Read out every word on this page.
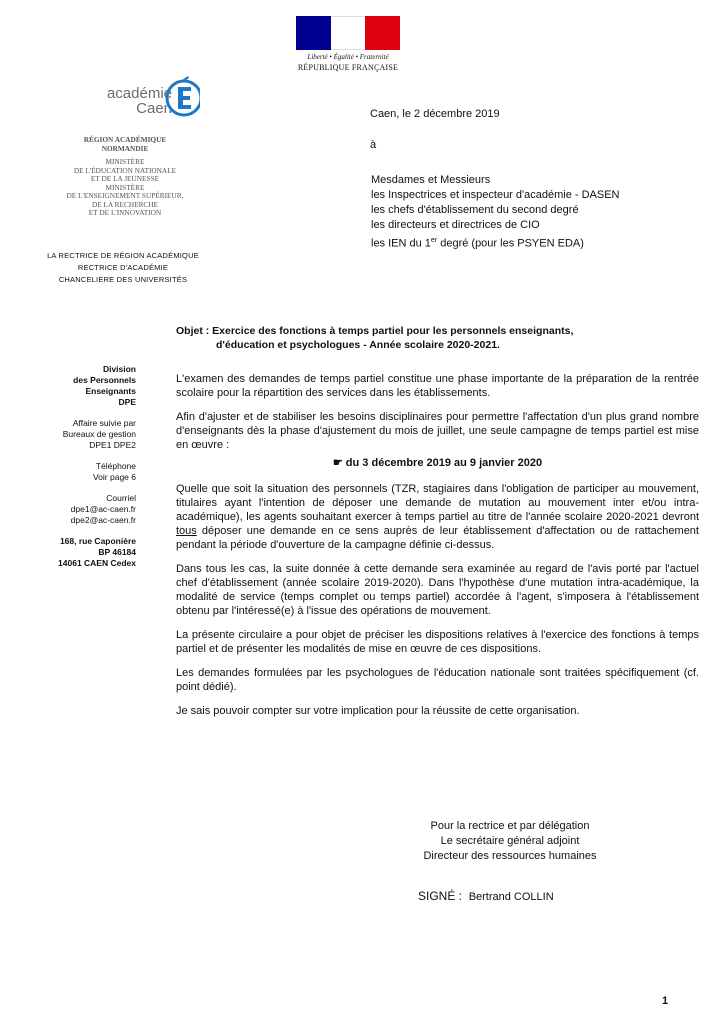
Liberté • Égalité • Fraternité
RÉPUBLIQUE FRANÇAISE
académie
Caen
RÉGION ACADÉMIQUE
NORMANDIE
MINISTÈRE
DE L'ÉDUCATION NATIONALE
ET DE LA JEUNESSE
MINISTÈRE
DE L'ENSEIGNEMENT SUPÉRIEUR,
DE LA RECHERCHE
ET DE L'INNOVATION
LA RECTRICE DE RÉGION ACADÉMIQUE
RECTRICE D'ACADÉMIE
CHANCELIERE DES UNIVERSITÉS
Caen, le 2 décembre 2019
à
Mesdames et Messieurs
les Inspectrices et inspecteur d'académie - DASEN
les chefs d'établissement du second degré
les directeurs et directrices de CIO
les IEN du 1er degré (pour les PSYEN EDA)
Objet : Exercice des fonctions à temps partiel pour les personnels enseignants,
d'éducation et psychologues - Année scolaire 2020-2021.
Division
des Personnels
Enseignants
DPE
Affaire suivie par
Bureaux de gestion
DPE1 DPE2
Téléphone
Voir page 6
Courriel
dpe1@ac-caen.fr
dpe2@ac-caen.fr
168, rue Caponière
BP 46184
14061 CAEN Cedex

L'examen des demandes de temps partiel constitue une phase importante de la préparation de la rentrée scolaire pour la répartition des services dans les établissements.

Afin d'ajuster et de stabiliser les besoins disciplinaires pour permettre l'affectation d'un plus grand nombre d'enseignants dès la phase d'ajustement du mois de juillet, une seule campagne de temps partiel est mise en œuvre :

☛ du 3 décembre 2019 au 9 janvier 2020

Quelle que soit la situation des personnels (TZR, stagiaires dans l'obligation de participer au mouvement, titulaires ayant l'intention de déposer une demande de mutation au mouvement inter et/ou intra-académique), les agents souhaitant exercer à temps partiel au titre de l'année scolaire 2020-2021 devront tous déposer une demande en ce sens auprès de leur établissement d'affectation ou de rattachement pendant la période d'ouverture de la campagne définie ci-dessus.

Dans tous les cas, la suite donnée à cette demande sera examinée au regard de l'avis porté par l'actuel chef d'établissement (année scolaire 2019-2020). Dans l'hypothèse d'une mutation intra-académique, la modalité de service (temps complet ou temps partiel) accordée à l'agent, s'imposera à l'établissement obtenu par l'intéressé(e) à l'issue des opérations de mouvement.

La présente circulaire a pour objet de préciser les dispositions relatives à l'exercice des fonctions à temps partiel et de présenter les modalités de mise en œuvre de ces dispositions.

Les demandes formulées par les psychologues de l'éducation nationale sont traitées spécifiquement (cf. point dédié).

Je sais pouvoir compter sur votre implication pour la réussite de cette organisation.

Pour la rectrice et par délégation
Le secrétaire général adjoint
Directeur des ressources humaines
SIGNÉ :  Bertrand COLLIN
1
